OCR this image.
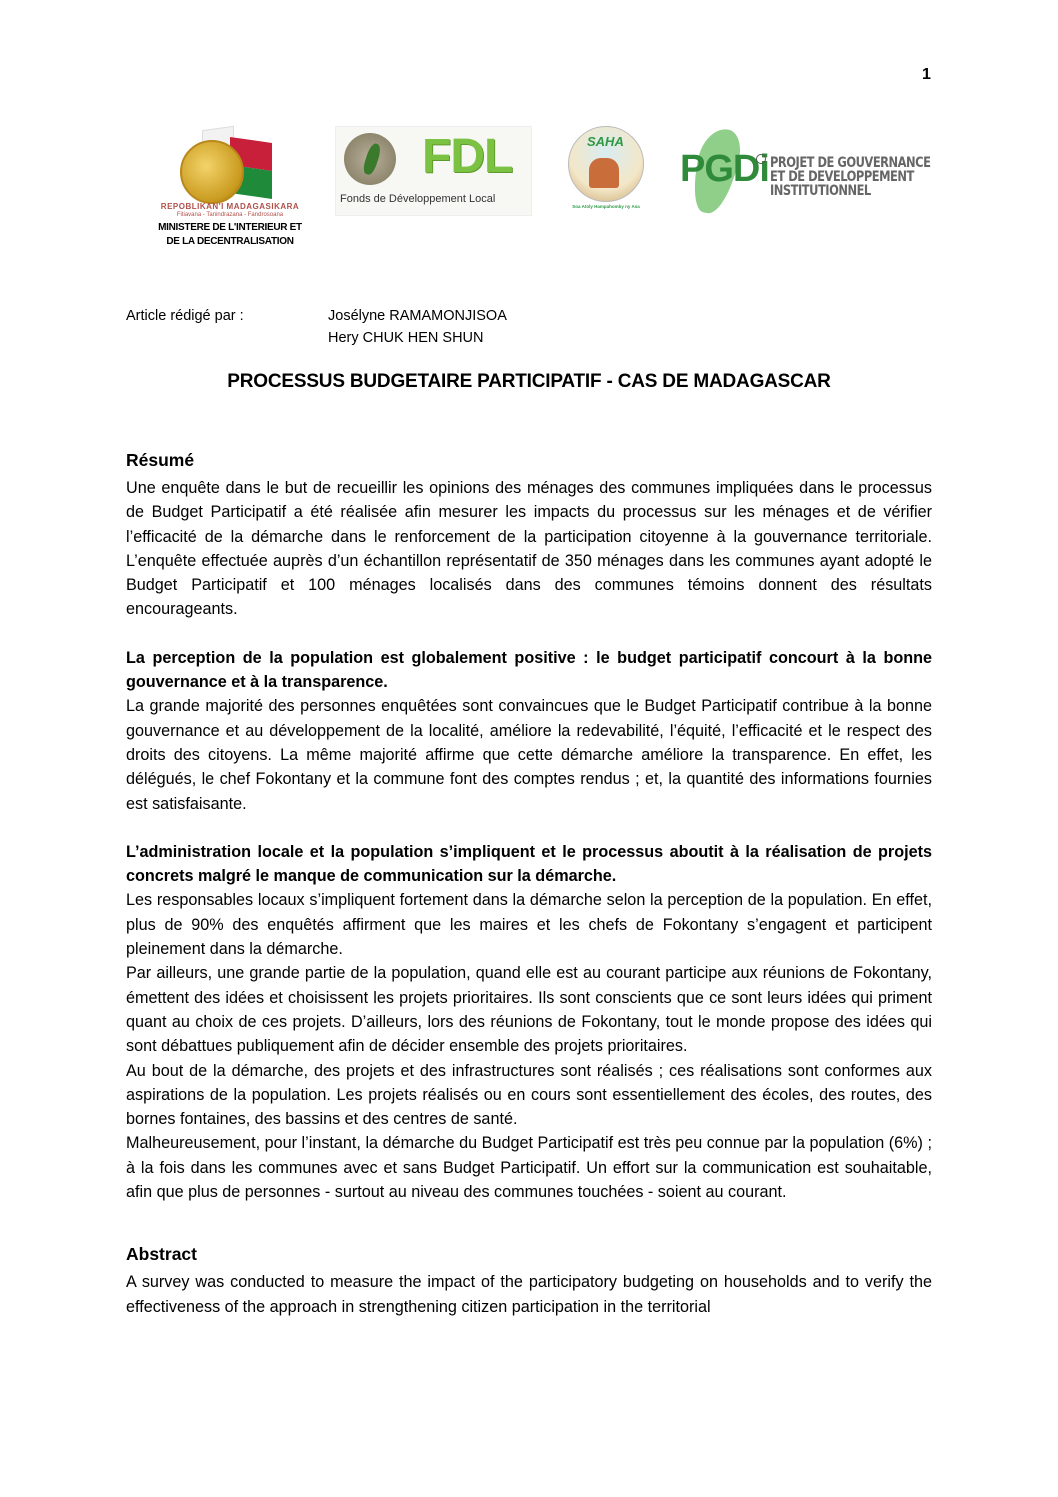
1
REPOBLIKAN'I MADAGASIKARA
Fitiavana - Tanindrazana - Fandrosoana
MINISTERE DE L'INTERIEUR ET
DE LA DECENTRALISATION
FDL
Fonds de Développement Local
SAHA
Soa Atoly Hampahomby ny Asa
PGDi PROJET DE GOUVERNANCE
ET DE DEVELOPPEMENT
INSTITUTIONNEL
Article rédigé par :	Josélyne RAMAMONJISOA
Hery CHUK HEN SHUN
PROCESSUS BUDGETAIRE PARTICIPATIF - CAS DE MADAGASCAR
Résumé

Une enquête dans le but de recueillir les opinions des ménages des communes impliquées dans le processus de Budget Participatif a été réalisée afin mesurer les impacts du processus sur les ménages et de vérifier l’efficacité de la démarche dans le renforcement de la participation citoyenne à la gouvernance territoriale. L’enquête effectuée auprès d’un échantillon représentatif de 350 ménages dans les communes ayant adopté le Budget Participatif et 100 ménages localisés dans des communes témoins donnent des résultats encourageants.

La perception de la population est globalement positive : le budget participatif concourt à la bonne gouvernance et à la transparence.

La grande majorité des personnes enquêtées sont convaincues que le Budget Participatif contribue à la bonne gouvernance et au développement de la localité, améliore la redevabilité, l’équité, l’efficacité et le respect des droits des citoyens. La même majorité affirme que cette démarche améliore la transparence. En effet, les délégués, le chef Fokontany et la commune font des comptes rendus ; et, la quantité des informations fournies est satisfaisante.

L’administration locale et la population s’impliquent et le processus aboutit à la réalisation de projets concrets malgré le manque de communication sur la démarche.

Les responsables locaux s’impliquent fortement dans la démarche selon la perception de la population. En effet, plus de 90% des enquêtés affirment que les maires et les chefs de Fokontany s’engagent et participent pleinement dans la démarche.

Par ailleurs, une grande partie de la population, quand elle est au courant participe aux réunions de Fokontany, émettent des idées et choisissent les projets prioritaires. Ils sont conscients que ce sont leurs idées qui priment quant au choix de ces projets. D’ailleurs, lors des réunions de Fokontany, tout le monde propose des idées qui sont débattues publiquement afin de décider ensemble des projets prioritaires.

Au bout de la démarche, des projets et des infrastructures sont réalisés ; ces réalisations sont conformes aux aspirations de la population. Les projets réalisés ou en cours sont essentiellement des écoles, des routes, des bornes fontaines, des bassins et des centres de santé.

Malheureusement, pour l’instant, la démarche du Budget Participatif est très peu connue par la population (6%) ; à la fois dans les communes avec et sans Budget Participatif. Un effort sur la communication est souhaitable, afin que plus de personnes - surtout au niveau des communes touchées - soient au courant.

Abstract

A survey was conducted to measure the impact of the participatory budgeting on households and to verify the effectiveness of the approach in strengthening citizen participation in the territorial
